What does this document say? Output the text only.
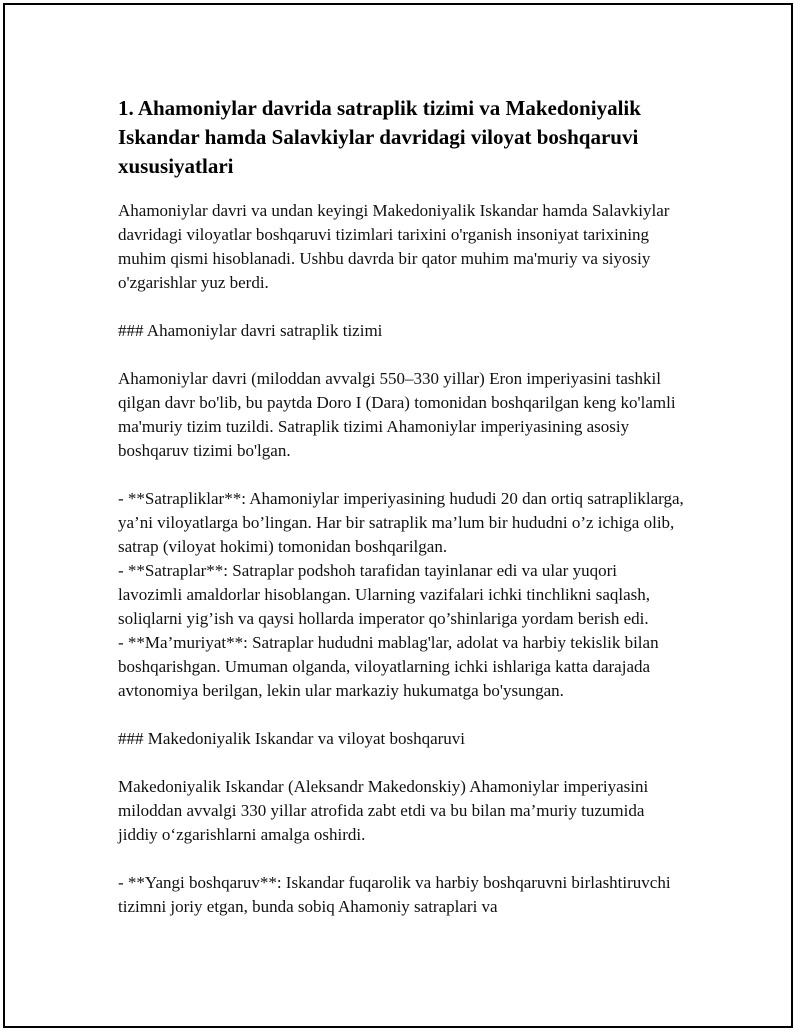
1. Ahamoniylar davrida satraplik tizimi va Makedoniyalik Iskandar hamda Salavkiylar davridagi viloyat boshqaruvi xususiyatlari

Ahamoniylar davri va undan keyingi Makedoniyalik Iskandar hamda Salavkiylar davridagi viloyatlar boshqaruvi tizimlari tarixini o'rganish insoniyat tarixining muhim qismi hisoblanadi. Ushbu davrda bir qator muhim ma'muriy va siyosiy o'zgarishlar yuz berdi.

### Ahamoniylar davri satraplik tizimi

Ahamoniylar davri (miloddan avvalgi 550–330 yillar) Eron imperiyasini tashkil qilgan davr bo'lib, bu paytda Doro I (Dara) tomonidan boshqarilgan keng ko'lamli ma'muriy tizim tuzildi. Satraplik tizimi Ahamoniylar imperiyasining asosiy boshqaruv tizimi bo'lgan.

- **Satrapliklar**: Ahamoniylar imperiyasining hududi 20 dan ortiq satrapliklarga, ya’ni viloyatlarga bo’lingan. Har bir satraplik ma’lum bir hududni o’z ichiga olib, satrap (viloyat hokimi) tomonidan boshqarilgan.
- **Satraplar**: Satraplar podshoh tarafidan tayinlanar edi va ular yuqori lavozimli amaldorlar hisoblangan. Ularning vazifalari ichki tinchlikni saqlash, soliqlarni yig’ish va qaysi hollarda imperator qo’shinlariga yordam berish edi.
- **Ma’muriyat**: Satraplar hududni mablag'lar, adolat va harbiy tekislik bilan boshqarishgan. Umuman olganda, viloyatlarning ichki ishlariga katta darajada avtonomiya berilgan, lekin ular markaziy hukumatga bo'ysungan.

### Makedoniyalik Iskandar va viloyat boshqaruvi

Makedoniyalik Iskandar (Aleksandr Makedonskiy) Ahamoniylar imperiyasini miloddan avvalgi 330 yillar atrofida zabt etdi va bu bilan ma’muriy tuzumida jiddiy o‘zgarishlarni amalga oshirdi.

- **Yangi boshqaruv**: Iskandar fuqarolik va harbiy boshqaruvni birlashtiruvchi tizimni joriy etgan, bunda sobiq Ahamoniy satraplari va
